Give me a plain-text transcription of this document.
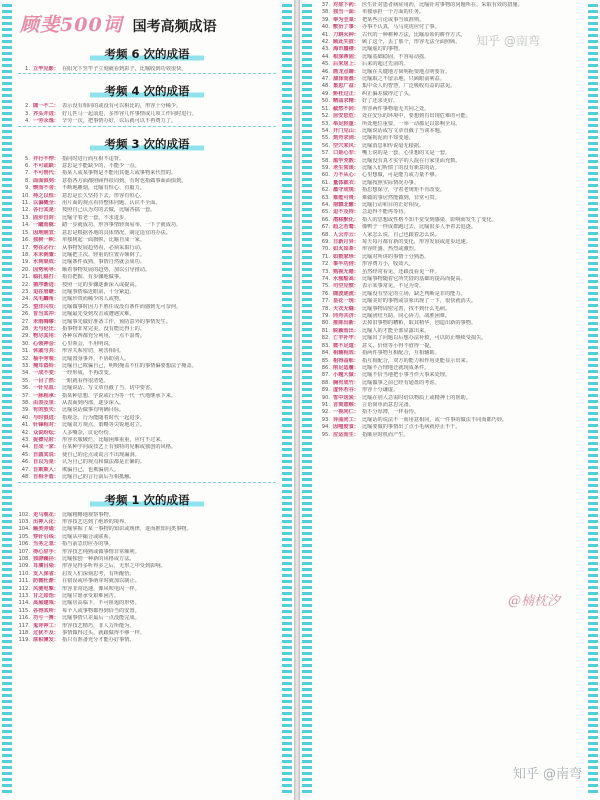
顾斐500词 国考高频成语
考频 6 次的成语
1. 立竿见影： 在阳光下竖竿子立刻就看到影子，比喻收到功效很快。
考频 4 次的成语
2. 随一不二： 表示没有相同的或没有可以相比的，形容十分稀少。
3. 齐头并进： 好几匹马一起前进，多形容几件事情或几项工作同时进行。
4. 一劳永逸： 辛劳一次，把事情办好，以后就可以不再费力了。
考频 3 次的成语
5. 并行不悖： 指同时进行而互相不违背。
6. 不可或缺： 意思是不能缺少的，不能少一点。
7. 不可替代： 指某人或某事物是不能用其他人或事物来代替的。
8. 面面俱到： 意指各方面都照顾得很周到，有时也指做事面面俱到。
9. 锲而不舍： 不断地雕刻，比喻有恒心、有毅力。
10. 持之以恒： 意思是长久坚持下去，形容有恒心。
11. 以偏概全： 用片面的观点看待整体问题，认识不全面。
12. 各行其是： 按照自己认为对的去做，比喻各搞一套。
13. 固步自封： 比喻守着老一套，不求进步。
14. 一蹴而就： 踏一步就成功，形容事情轻而易举，一下子就成功。
15. 因地制宜： 意思是根据各地的具体情况，制定适宜的办法。
16. 独树一帜： 单独树起一面旗帜，比喻自成一家。
17. 势在必行： 从事物发展趋势看，必须采取行动。
18. 本末倒置： 比喻把主次、轻重的位置弄颠倒了。
19. 水到渠成： 比喻条件成熟，事情自然就会成功。
20. 因势利导： 顺着事物发展的趋势，加以引导推动。
21. 稳扎稳打： 指有把握、有步骤地做事。
22. 循序渐进： 按照一定的步骤逐渐深入或提高。
23. 迫在眉睫： 比喻事情临近眼前，十分紧迫。
24. 凤毛麟角： 比喻珍贵而稀少的人或物。
25. 望洋兴叹： 比喻做事时因力不胜任或没有条件而感到无可奈何。
26. 首当其冲： 比喻最先受到攻击或遭遇灾难。
27. 未雨绸缪： 比喻事先做好准备工作，预防意外的事情发生。
28. 无与伦比： 指事物非常完美，没有能比得上的。
29. 物尽其用： 各种东西都充分利用，一点不浪费。
30. 心领神会： 心里领会，不用明说。
31. 休戚与共： 形容关系密切，利害相同。
32. 袖手旁观： 比喻置身事外，不协助别人。
33. 掩耳盗铃： 比喻自己欺骗自己，明明掩盖不住的事情偏要想法子掩盖。
34. 一成不变： 一经形成，不再改变。
35. 一目了然： 一眼就看得很清楚。
36. 一针见血： 比喻说话、写文章直截了当，切中要害。
37. 一脉相承： 指某种思想、学说或行为等一代一代地继承下来。
38. 由表及里： 从表面到内部，逐步深入。
39. 有的放矢： 比喻说话做事有明确目标。
40. 与时俱进： 指观念、行为能随着时代一起进步。
41. 针锋相对： 比喻双方观点、策略等尖锐地对立。
42. 众说纷纭： 人多嘴杂，议论纷纷。
43. 捉襟见肘： 形容衣服破烂，比喻困难重重，应付不过来。
44. 自成一家： 在某种学问或技艺上有独特的见解或独创的风格。
45. 自圆其说： 使自己的论点或谎言不出现漏洞。
46. 自以为是： 认为自己的观点和做法都是正确的。
47. 自欺欺人： 欺骗自己，也欺骗别人。
48. 自相矛盾： 比喻自己的言行前后互相抵触。
考频 1 次的成语
102. 走马观花： 比喻粗略地观察事物。
103. 出神入化： 形容技艺达到了绝妙的境界。
104. 触类旁通： 比喻掌握了某一事物的知识或规律，进而推知同类事物。
105. 穿针引线： 比喻从中撮合或联系。
106. 当务之急： 指当前急切应办的事。
107. 得心应手： 形容技艺纯熟或做事情非常顺利。
108. 独辟蹊径： 比喻独创一种新的风格或方法。
109. 耳濡目染： 形容见得多听得多之后，无形之中受到影响。
110. 发人深省： 启发人们深刻思考，有所醒悟。
111. 防微杜渐： 在错误或坏事萌芽时就加以制止。
112. 风驰电掣： 形容非常迅速，像风吹电闪一样。
113. 甘之如饴： 比喻甘愿承受艰难困苦。
114. 高屋建瓴： 比喻居高临下，不可阻遏的形势。
115. 各得其所： 每个人或事物都得到恰当的安置。
116. 功亏一篑： 比喻事情只差最后一点没能完成。
117. 鬼斧神工： 形容技艺精巧，非人力所能为。
118. 过犹不及： 事情做得过头，就跟做得不够一样。
119. 厚积薄发： 指只有准备充分才能办好事情。
37. 对症下药： 医生针对患者病症用药，比喻针对事物的问题所在，采取有效的措施。
38. 独当一面： 单独承担一个方面的任务。
39. 奉为圭臬： 把某些言论或事当成准则。
40. 敷衍了事： 办事不认真，马马虎虎应付了事。
41. 刀耕火种： 古代的一种耕种方法，比喻原始的耕作方式。
42. 顾此失彼： 顾了这个，丢了那个，形容无法全面照顾。
43. 海市蜃楼： 比喻虚幻的事物。
44. 根深蒂固： 比喻基础稳固，不容易动摇。
45. 后来居上： 后来的超过先前的。
46. 画龙点睛： 比喻在关键地方简明扼要地点明要旨。
47. 涸泽而渔： 比喻取之不留余地，只顾眼前利益。
48. 集思广益： 集中众人的智慧，广泛吸收有益的意见。
49. 矫枉过正： 纠正偏差做得过了头。
50. 精益求精： 好了还求更好。
51. 截然不同： 形容两件事物毫无共同之处。
52. 居安思危： 处在安乐的环境中，要想到有出现危难的可能。
53. 举足轻重： 所处地位重要，一举一动都足以影响全局。
54. 开门见山： 比喻说话或写文章直截了当谈本题。
55. 刻舟求剑： 比喻拘泥而不知变通。
56. 空穴来风： 比喻消息和传说毫无根据。
57. 口是心非： 嘴上说的是一套，心里想的又是一套。
58. 滥竽充数： 比喻没有真才实学的人混在行家里面充数。
59. 老生常谈： 比喻人们听惯了的没有新意的话。
60. 力不从心： 心里想做，可是能力或力量不够。
61. 量体裁衣： 比喻按照实际情况办事。
62. 墨守成规： 指思想保守，守着老规矩不肯改变。
63. 难能可贵： 难做的事居然能做到，非常可贵。
64. 南辕北辙： 比喻行动和目的正好相反。
65. 迫不及待： 急迫得不能再等待。
66. 潜移默化： 指人的思想或性格不知不觉受到感染、影响而发生了变化。
67. 趋之若鹜： 像鸭子一样成群跑过去，比喻很多人争着去追逐。
68. 人云亦云： 人家怎么说，自己也跟着怎么说。
69. 日新月异： 每天每月都有新的变化，形容发展或进步迅速。
70. 如火如荼： 形容旺盛、热烈或激烈。
71. 如数家珍： 比喻对所讲的事情十分熟悉。
72. 事半功倍： 形容费力小，收效大。
73. 熟视无睹： 虽然经常看见，还跟没看见一样。
74. 水涨船高： 比喻事物随着它所凭借的基础的提高而提高。
75. 司空见惯： 表示某事常见，不足为奇。
76. 随波逐流： 比喻没有坚定的立场，缺乏判断是非的能力。
77. 昙花一现： 比喻美好的事物或景象出现了一下，很快就消失。
78. 天衣无缝： 比喻事物周密完善，找不到什么毛病。
79. 同舟共济： 比喻团结互助，同心协力，战胜困难。
80. 推陈出新： 去掉旧事物的糟粕，取其精华，创造出新的事物。
81. 脱颖而出： 比喻人的才能全部显露出来。
82. 亡羊补牢： 比喻出了问题以后想办法补救，可以防止继续受损失。
83. 微不足道： 意义、价值等小得不值得一提。
84. 相辅相成： 指两件事物互相配合，互相辅助。
85. 相得益彰： 指互相配合，双方的能力和作用更能显示出来。
86. 削足适履： 比喻不合理地迁就现成条件。
87. 小题大做： 比喻不恰当地把小事当作大事来处理。
88. 胸有成竹： 比喻做事之前已经有通盘的考虑。
89. 虚怀若谷： 形容十分谦虚。
90. 雪中送炭： 比喻在别人急需时给以物质上或精神上的帮助。
91. 言简意赅： 言语简单而意思完备。
92. 一视同仁： 指不分厚薄，一样看待。
93. 异曲同工： 比喻话的说法不一而用意相同，或一件事的做法不同而都巧妙。
94. 因噎废食： 比喻要做的事情出了点小毛病就停止不干。
95. 应运而生： 指顺应时机而产生。
知乎 @南弯
@楠枕汐
知乎 @南弯
